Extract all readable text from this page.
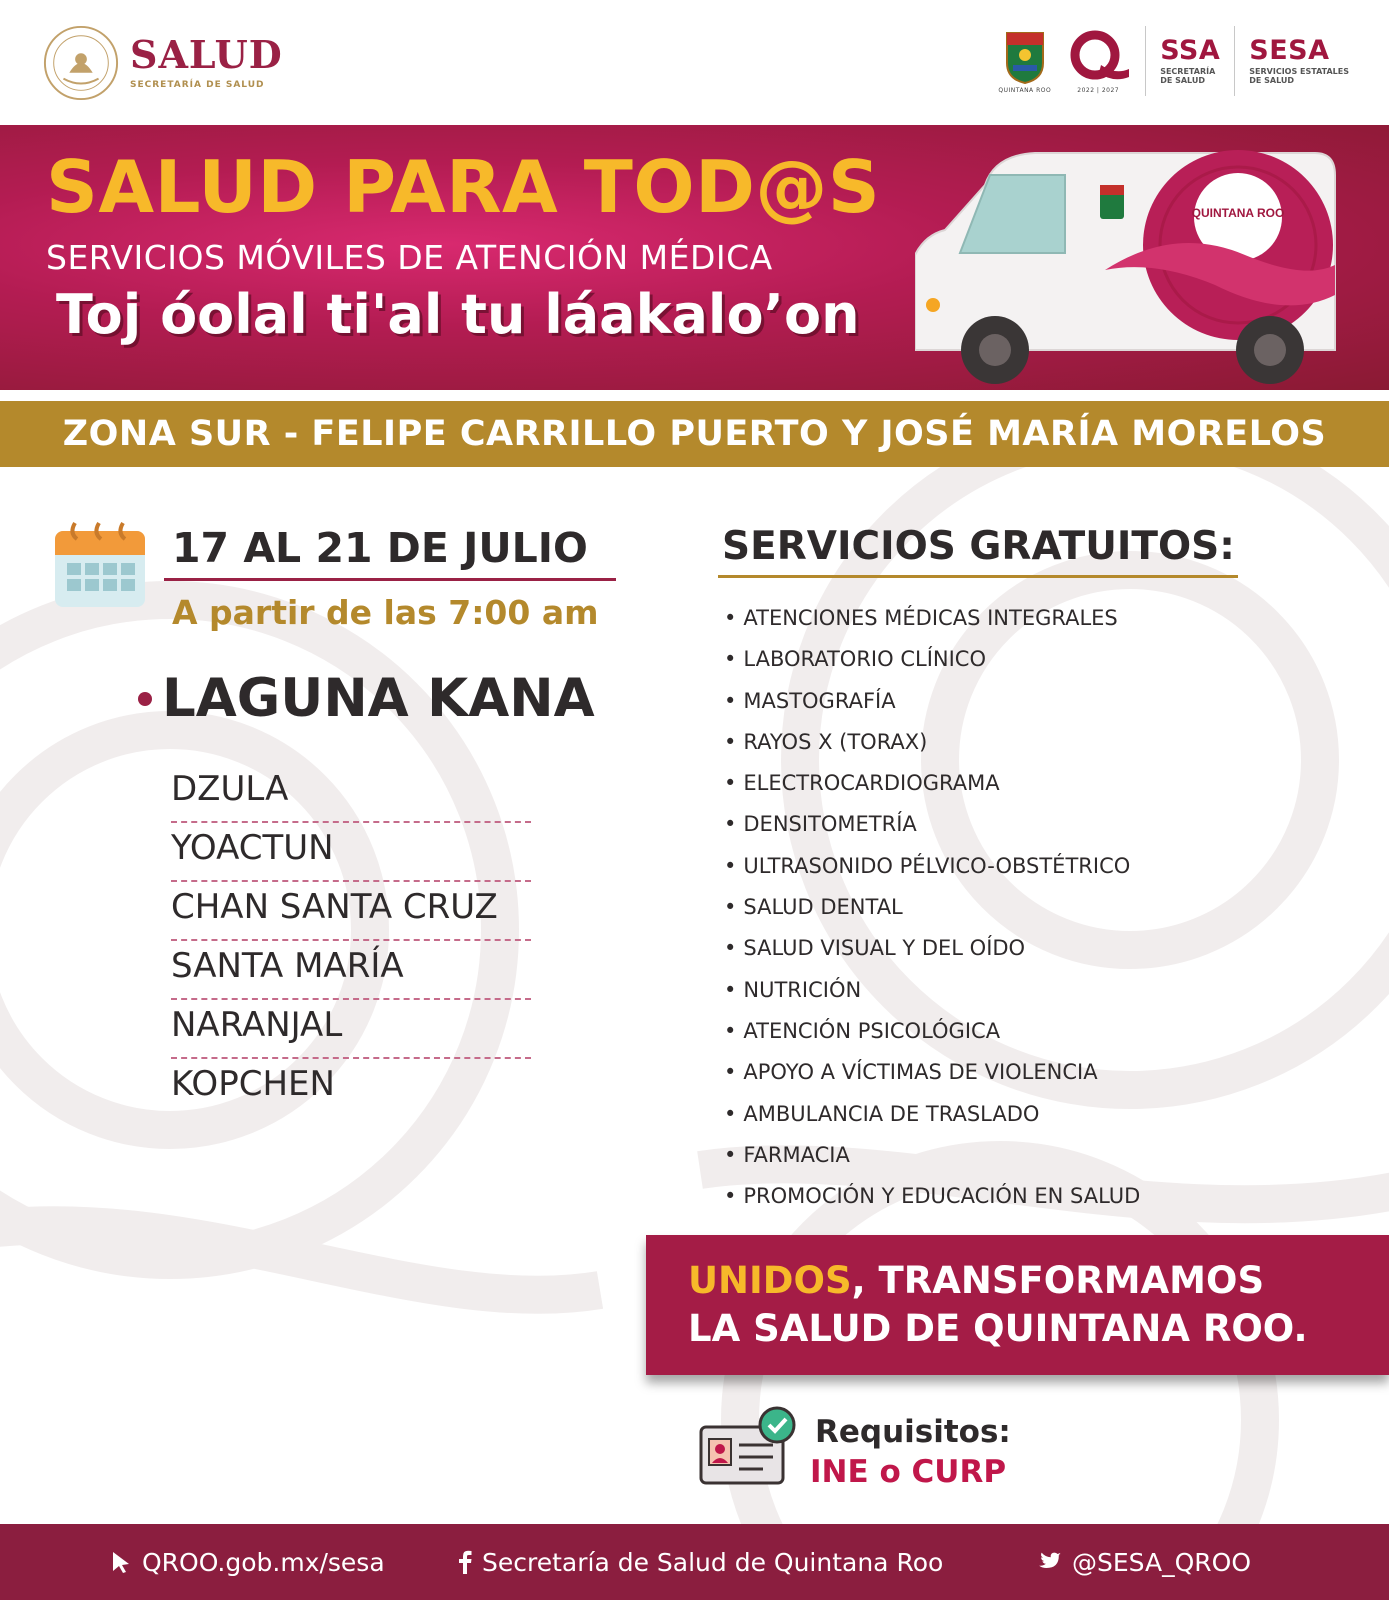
SALUD
SECRETARÍA DE SALUD	QUINTANA ROO	2022 | 2027
SSA
SECRETARÍA
DE SALUD
SESA
SERVICIOS ESTATALES
DE SALUD
SALUD PARA TOD@S
SERVICIOS MÓVILES DE ATENCIÓN MÉDICA
Toj óolal ti'al tu láakalo’on
QUINTANA ROO
ZONA SUR - FELIPE CARRILLO PUERTO Y JOSÉ MARÍA MORELOS
17 AL 21 DE JULIO
A partir de las 7:00 am
LAGUNA KANA
DZULA
YOACTUN
CHAN SANTA CRUZ
SANTA MARÍA
NARANJAL
KOPCHEN
SERVICIOS GRATUITOS:
• ATENCIONES MÉDICAS INTEGRALES
• LABORATORIO CLÍNICO
• MASTOGRAFÍA
• RAYOS X (TORAX)
• ELECTROCARDIOGRAMA
• DENSITOMETRÍA
• ULTRASONIDO PÉLVICO-OBSTÉTRICO
• SALUD DENTAL
• SALUD VISUAL Y DEL OÍDO
• NUTRICIÓN
• ATENCIÓN PSICOLÓGICA
• APOYO A VÍCTIMAS DE VIOLENCIA
• AMBULANCIA DE TRASLADO
• FARMACIA
• PROMOCIÓN Y EDUCACIÓN EN SALUD
UNIDOS, TRANSFORMAMOS
LA SALUD DE QUINTANA ROO.
Requisitos:
INE o CURP
QROO.gob.mx/sesa	Secretaría de Salud de Quintana Roo	@SESA_QROO
